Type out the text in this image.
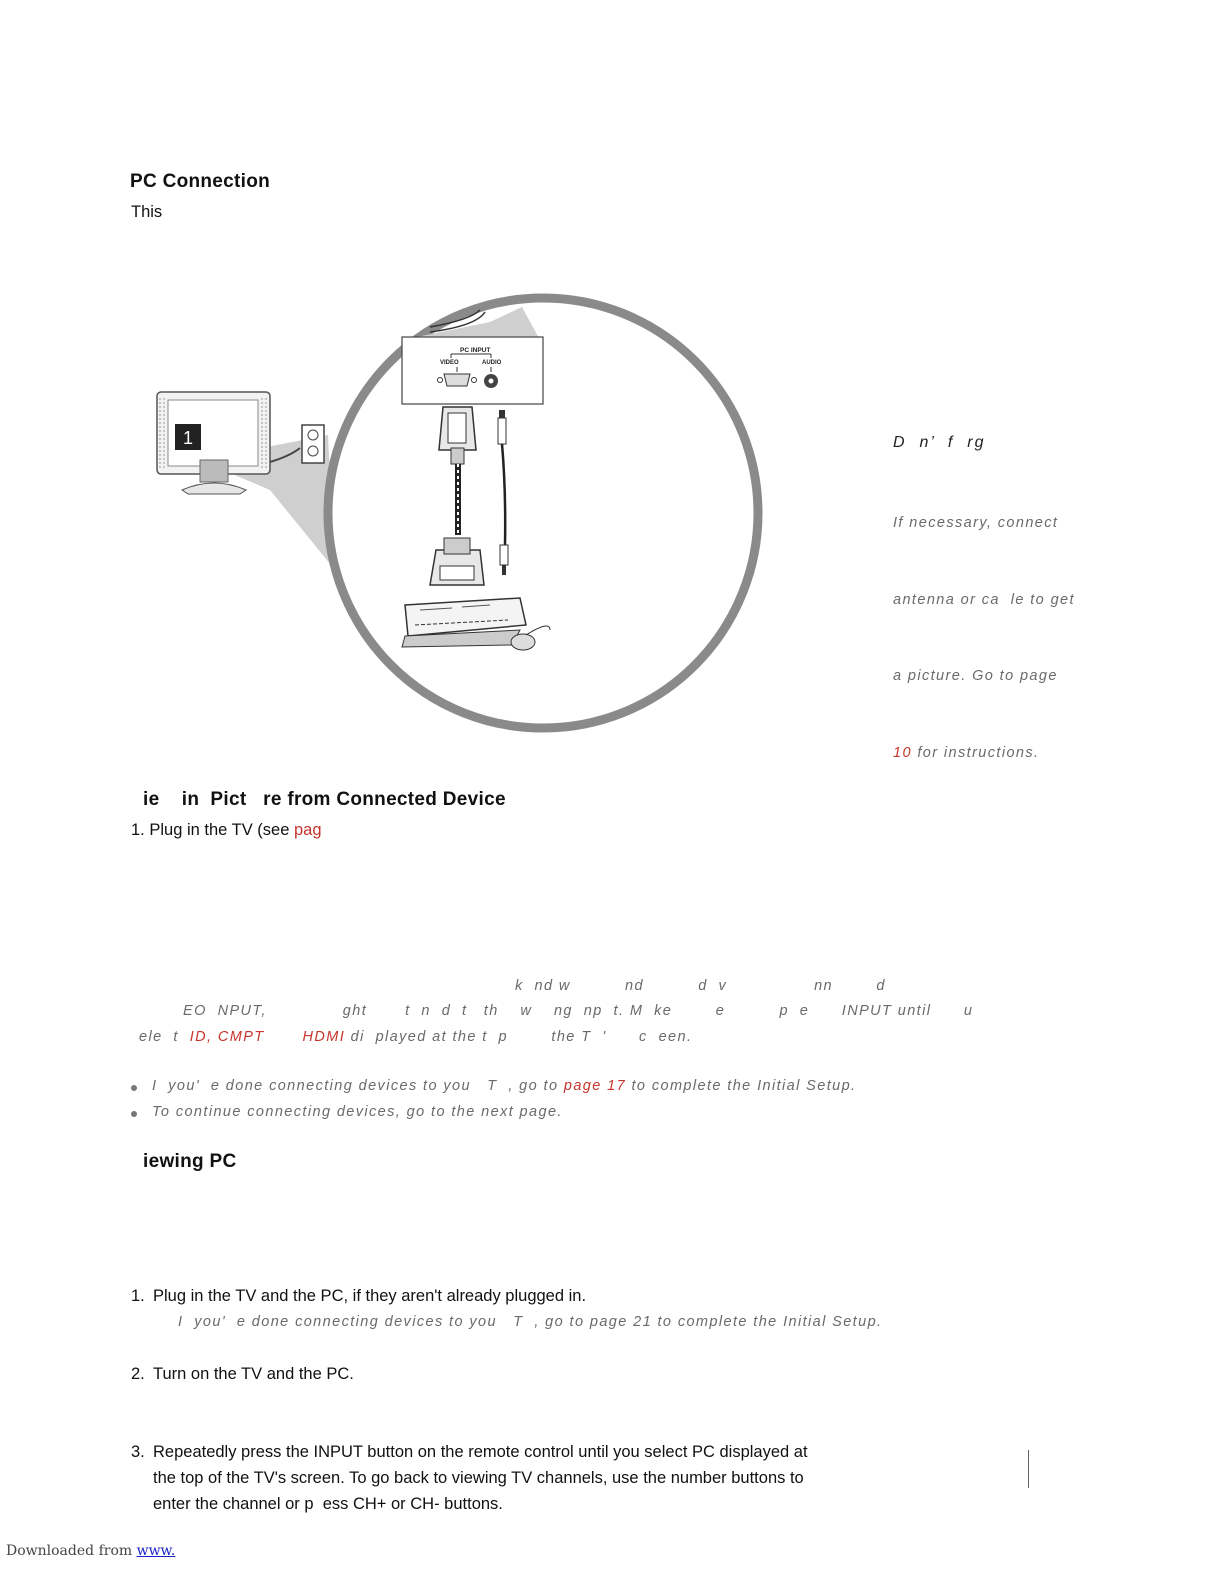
PC Connection
This
1
PC INPUT
VIDEO	AUDIO
D  n’  f  rg

If necessary, connect

antenna or ca  le to get

a picture. Go to page

10 for instructions.

ie    in  Pict   re from Connected Device
1. Plug in the TV (see pag
k  nd w          nd          d  v                nn        d
EO  NPUT,              ght       t  n  d  t   th    w    ng  np  t. M  ke        e          p  e      INPUT until      u
ele  t  ID, CMPT       HDMI di  played at the t  p        the T  '      c  een.
I  you'  e done connecting devices to you   T  , go to page 17 to complete the Initial Setup.
To continue connecting devices, go to the next page.
iewing PC

1. Plug in the TV and the PC, if they aren't already plugged in.

2. Turn on the TV and the PC.

3. Repeatedly press the INPUT button on the remote control until you select PC displayed at
the top of the TV's screen. To go back to viewing TV channels, use the number buttons to
enter the channel or p  ess CH+ or CH- buttons.

I  you'  e done connecting devices to you   T  , go to page 21 to complete the Initial Setup.
Downloaded from www.
